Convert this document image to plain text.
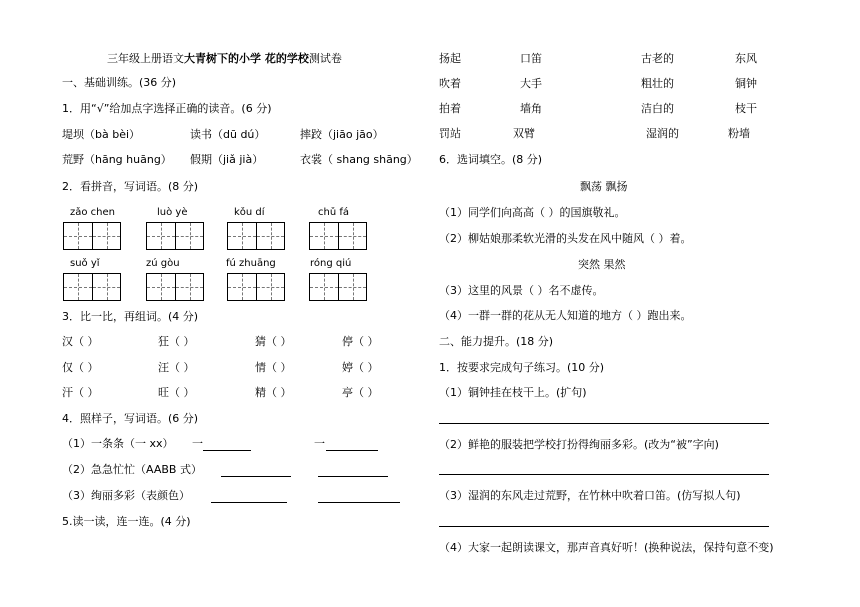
三年级上册语文大青树下的小学 花的学校测试卷
一、基础训练。(36 分)
1．用“√”给加点字选择正确的读音。(6 分)
堤坝（bà bèi）	读书（dū dú）	摔跤（jiāo jāo）
荒野（hāng huāng） 假期（jiǎ jià）	衣裳（ shang shāng）
2．看拼音，写词语。(8 分)
zǎo chen	luò yè	kǒu dí	chǔ fá
suǒ yǐ	zú gòu	fú zhuāng	róng qiú
3．比一比，再组词。(4 分)
汉（ ）	狂（ ）	猜（ ）	停（ ）
仅（ ）	汪（ ）	情（ ）	婷（ ）
汗（ ）	旺（ ）	精（ ）	亭（ ）
4．照样子，写词语。(6 分)
（1）一条条（一 xx） 一	一
（2）急急忙忙（AABB 式）
（3）绚丽多彩（表颜色）
5.读一读，连一连。(4 分)
扬起	口笛	古老的	东风
吹着	大手	粗壮的	铜钟
拍着	墙角	洁白的	枝干
罚站	双臂	湿润的	粉墙
6．选词填空。(8 分)
飘荡 飘扬
（1）同学们向高高（ ）的国旗敬礼。
（2）柳姑娘那柔软光滑的头发在风中随风（ ）着。
突然 果然
（3）这里的风景（ ）名不虚传。
（4）一群一群的花从无人知道的地方（ ）跑出来。
二、能力提升。(18 分)
1．按要求完成句子练习。(10 分)
（1）铜钟挂在枝干上。(扩句)
（2）鲜艳的服装把学校打扮得绚丽多彩。(改为“被”字向)
（3）湿润的东风走过荒野，在竹林中吹着口笛。(仿写拟人句)
（4）大家一起朗读课文，那声音真好听！(换种说法，保持句意不变)
